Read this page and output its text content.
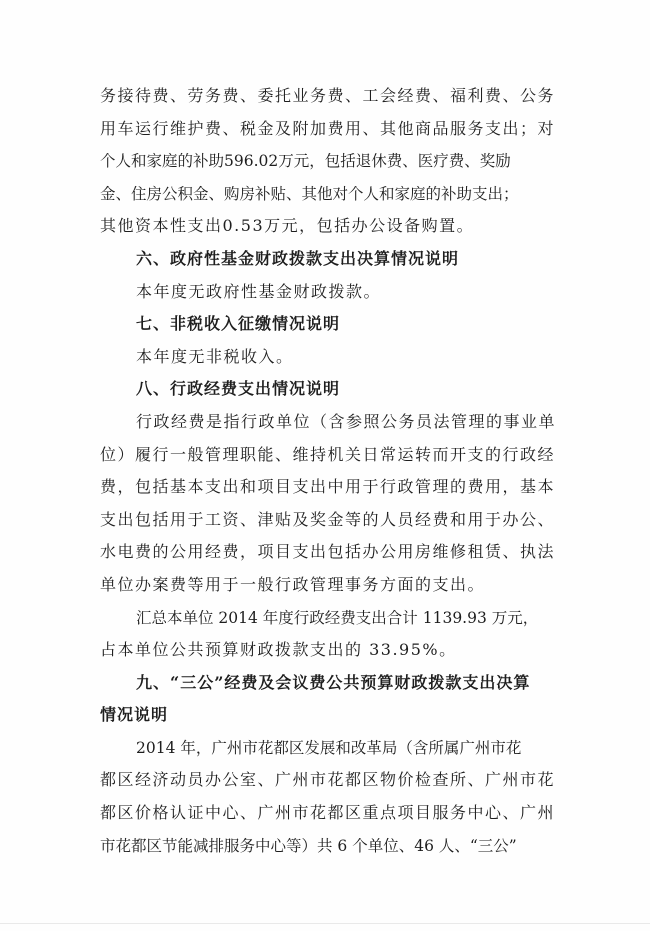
务接待费、劳务费、委托业务费、工会经费、福利费、公务
用车运行维护费、税金及附加费用、其他商品服务支出；对
个人和家庭的补助596.02万元，包括退休费、医疗费、奖励
金、住房公积金、购房补贴、其他对个人和家庭的补助支出；
其他资本性支出0.53万元，包括办公设备购置。
六、政府性基金财政拨款支出决算情况说明
本年度无政府性基金财政拨款。
七、非税收入征缴情况说明
本年度无非税收入。
八、行政经费支出情况说明
行政经费是指行政单位（含参照公务员法管理的事业单
位）履行一般管理职能、维持机关日常运转而开支的行政经
费，包括基本支出和项目支出中用于行政管理的费用，基本
支出包括用于工资、津贴及奖金等的人员经费和用于办公、
水电费的公用经费，项目支出包括办公用房维修租赁、执法
单位办案费等用于一般行政管理事务方面的支出。
汇总本单位 2014 年度行政经费支出合计 1139.93 万元，
占本单位公共预算财政拨款支出的 33.95%。
九、“三公”经费及会议费公共预算财政拨款支出决算
情况说明
2014 年，广州市花都区发展和改革局（含所属广州市花
都区经济动员办公室、广州市花都区物价检查所、广州市花
都区价格认证中心、广州市花都区重点项目服务中心、广州
市花都区节能减排服务中心等）共 6 个单位、46 人、“三公”
